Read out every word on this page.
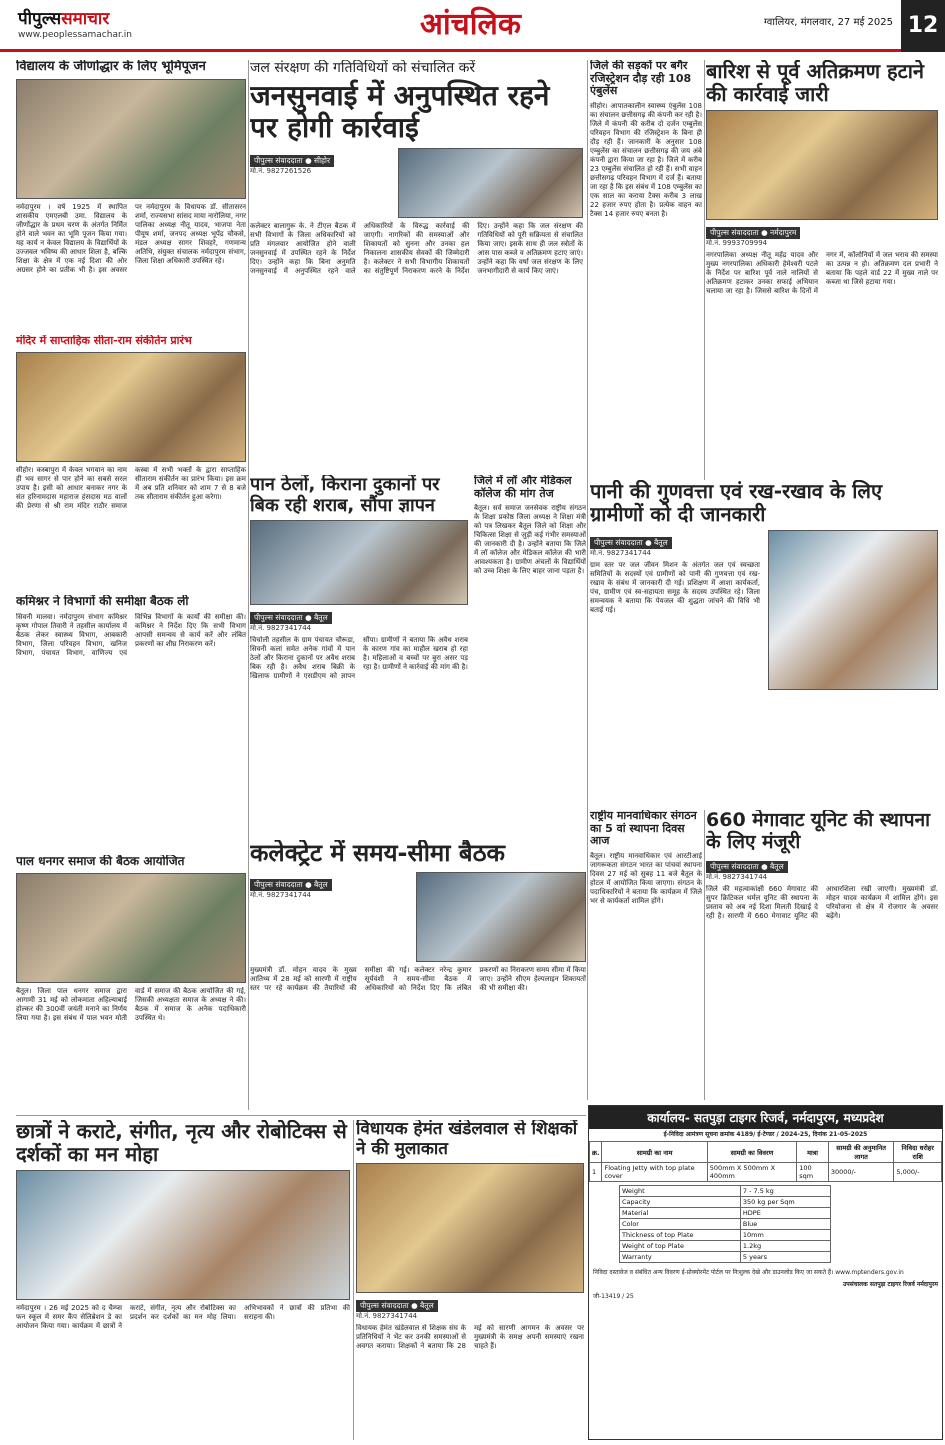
पीपुल्ससमाचार
www.peoplessamachar.in	आंचलिक	ग्वालियर, मंगलवार, 27 मई 2025 12
विद्यालय के जीर्णोद्धार के लिए भूमिपूजन
नर्मदापुरम । वर्ष 1925 में स्थापित शासकीय एमएलबी उमा. विद्यालय के जीर्णोद्धार के प्रथम चरण के अंतर्गत निर्मित होने वाले भवन का भूमि पूजन किया गया। यह कार्य न केवल विद्यालय के विद्यार्थियों के उज्जवल भविष्य की आधार शिला है, बल्कि शिक्षा के क्षेत्र में एक नई दिशा की ओर अग्रसर होने का प्रतीक भी है। इस अवसर पर नर्मदापुरम के विधायक डॉ. सीतासरन शर्मा, राज्यसभा सांसद माया नारोलिया, नगर पालिका अध्यक्ष नीतू यादव, भाजपा नेता पीयूष शर्मा, जनपद अध्यक्ष भूपेंद्र चौकसे, मंडल अध्यक्ष सागर शिवहरे, गणमान्य अतिथि, संयुक्त संचालक नर्मदापुरम संभाग, जिला शिक्षा अधिकारी उपस्थित रहे।
जल संरक्षण की गतिविधियों को संचालित करें
जनसुनवाई में अनुपस्थित रहने पर होगी कार्रवाई
पीपुल्स संवाददाता ● सीहोर
मो.नं. 9827261526
कलेक्टर बालागुरू के. ने टीएल बैठक में सभी विभागों के जिला अधिकारियों को प्रति मंगलवार आयोजित होने वाली जनसुनवाई में उपस्थित रहने के निर्देश दिए। उन्होंने कहा कि बिना अनुमति जनसुनवाई में अनुपस्थित रहने वाले अधिकारियों के विरुद्ध कार्रवाई की जाएगी। नागरिकों की समस्याओं और शिकायतों को सुनना और उनका हल निकालना शासकीय सेवकों की जिम्मेदारी है। कलेक्टर ने सभी विभागीय शिकायतों का संतुष्टिपूर्ण निराकरण करने के निर्देश दिए। उन्होंने कहा कि जल संरक्षण की गतिविधियों को पूरी सक्रियता से संचालित किया जाए। इसके साथ ही जल स्त्रोतों के आस पास कब्जे व अतिक्रमण हटाए जाएं। उन्होंने कहा कि वर्षा जल संरक्षण के लिए जनभागीदारी से कार्य किए जाएं।
जिले की सड़कों पर बगैर रजिस्ट्रेशन दौड़ रही 108 एंबुलेंस
सीहोर। आपातकालीन स्वास्थ्य एंबुलेंस 108 का संचालन छत्तीसगढ़ की कंपनी कर रही है। जिले में कंपनी की करीब दो दर्जन एम्बुलेंस परिवहन विभाग की रजिस्ट्रेशन के बिना ही दौड़ रही हैं। जानकारी के अनुसार 108 एम्बुलेंस का संचालन छत्तीसगढ़ की जय अंबे कंपनी द्वारा किया जा रहा है। जिले में करीब 23 एम्बुलेंस संचालित हो रही हैं। सभी वाहन छत्तीसगढ़ परिवहन विभाग में दर्ज हैं। बताया जा रहा है कि इस संबंध में 108 एम्बुलेंस का एक साल का कराया टैक्स करीब 3 लाख 22 हजार रुपए होता है। प्रत्येक वाहन का टैक्स 14 हजार रुपए बनता है।
बारिश से पूर्व अतिक्रमण हटाने की कार्रवाई जारी
पीपुल्स संवाददाता ● नर्मदापुरम
मो.नं. 9993709994
नगरपालिका अध्यक्ष नीतू महेंद्र यादव और मुख्य नगरपालिका अधिकारी हेमेश्वरी पटले के निर्देश पर बारिश पूर्व नाले नालियों से अतिक्रमण हटाकर उनका सफाई अभियान चलाया जा रहा है। जिससे बारिश के दिनों में नगर में, कॉलोनियों में जल भराव की समस्या का उत्पन्न न हो। अतिक्रमण दल प्रभारी ने बताया कि पहले वार्ड 22 में मुख्य नाले पर कब्जा था जिसे हटाया गया।
मंदिर में साप्ताहिक सीता-राम संकीर्तन प्रारंभ
सीहोर। कस्बापुरा में केवल भगवान का नाम ही भव सागर से पार होने का सबसे सरल उपाय है। इसी को आधार बनाकर नगर के संत हरिनामदास महाराज हंसदास मठ वालों की प्रेरणा से श्री राम मंदिर राठौर समाज कस्बा में सभी भक्तों के द्वारा साप्ताहिक सीताराम संकीर्तन का प्रारंभ किया। इस क्रम में अब प्रति शनिवार को शाम 7 से 8 बजे तक सीताराम संकीर्तन हुआ करेगा।
पान ठेलों, किराना दुकानों पर बिक रही शराब, सौंपा ज्ञापन
पीपुल्स संवाददाता ● बैतूल
मो.नं. 9827341744
चिचोली तहसील के ग्राम पंचायत चौरूडा, सिवनी कलां समेत अनेक गांवों में पान ठेलों और किराना दुकानों पर अवैध शराब बिक रही है। अवैध शराब बिक्री के खिलाफ ग्रामीणों ने एसडीएम को ज्ञापन सौंपा। ग्रामीणों ने बताया कि अवैध शराब के कारण गांव का माहौल खराब हो रहा है। महिलाओं व बच्चों पर बुरा असर पड़ रहा है। ग्रामीणों ने कार्रवाई की मांग की है।
जिले में लॉ और मेडिकल कॉलेज की मांग तेज
बैतूल। सर्व समाज जनसेवक राष्ट्रीय संगठन के शिक्षा प्रकोष्ठ जिला अध्यक्ष ने शिक्षा मंत्री को पत्र लिखकर बैतूल जिले को शिक्षा और चिकित्सा शिक्षा से जुड़ी कई गंभीर समस्याओं की जानकारी दी है। उन्होंने बताया कि जिले में लॉ कॉलेज और मेडिकल कॉलेज की भारी आवश्यकता है। ग्रामीण अंचलों के विद्यार्थियों को उच्च शिक्षा के लिए बाहर जाना पड़ता है।
पानी की गुणवत्ता एवं रख-रखाव के लिए ग्रामीणों को दी जानकारी
पीपुल्स संवाददाता ● बैतूल
मो.नं. 9827341744
ग्राम स्तर पर जल जीवन मिशन के अंतर्गत जल एवं स्वच्छता समितियों के सदस्यों एवं ग्रामीणों को पानी की गुणवत्ता एवं रख-रखाव के संबंध में जानकारी दी गई। प्रशिक्षण में आशा कार्यकर्ता, पंच, ग्रामीण एवं स्व-सहायता समूह के सदस्य उपस्थित रहे। जिला समन्वयक ने बताया कि पेयजल की शुद्धता जांचने की विधि भी बताई गई।
कमिश्नर ने विभागों की समीक्षा बैठक ली
सिवनी मालवा। नर्मदापुरम संभाग कमिश्नर कृष्ण गोपाल तिवारी ने तहसील कार्यालय में बैठक लेकर स्वास्थ्य विभाग, आबकारी विभाग, जिला परिवहन विभाग, खनिज विभाग, पंचायत विभाग, वाणिज्य एवं विभिन्न विभागों के कार्यों की समीक्षा की। कमिश्नर ने निर्देश दिए कि सभी विभाग आपसी समन्वय से कार्य करें और लंबित प्रकरणों का शीघ्र निराकरण करें।
कलेक्ट्रेट में समय-सीमा बैठक
पीपुल्स संवाददाता ● बैतूल
मो.नं. 9827341744
मुख्यमंत्री डॉ. मोहन यादव के मुख्य आतिथ्य में 28 मई को सारणी में राष्ट्रीय स्तर पर रहे कार्यक्रम की तैयारियों की समीक्षा की गई। कलेक्टर नरेन्द्र कुमार सूर्यवंशी ने समय-सीमा बैठक में अधिकारियों को निर्देश दिए कि लंबित प्रकरणों का निराकरण समय सीमा में किया जाए। उन्होंने सीएम हेल्पलाइन शिकायतों की भी समीक्षा की।
राष्ट्रीय मानवाधिकार संगठन का 5 वां स्थापना दिवस आज
बैतूल। राष्ट्रीय मानवाधिकार एवं आरटीआई जागरूकता संगठन भारत का पांचवां स्थापना दिवस 27 मई को सुबह 11 बजे बैतूल के होटल में आयोजित किया जाएगा। संगठन के पदाधिकारियों ने बताया कि कार्यक्रम में जिले भर से कार्यकर्ता शामिल होंगे।
660 मेगावाट यूनिट की स्थापना के लिए मंजूरी
पीपुल्स संवाददाता ● बैतूल
मो.नं. 9827341744
जिले की महत्वाकांक्षी 660 मेगावाट की सुपर क्रिटिकल थर्मल यूनिट की स्थापना के प्रस्ताव को अब नई दिशा मिलती दिखाई दे रही है। सारणी में 660 मेगावाट यूनिट की आधारशिला रखी जाएगी। मुख्यमंत्री डॉ. मोहन यादव कार्यक्रम में शामिल होंगे। इस परियोजना से क्षेत्र में रोजगार के अवसर बढ़ेंगे।
पाल धनगर समाज की बैठक आयोजित
बैतूल। जिला पाल धनगर समाज द्वारा आगामी 31 मई को लोकमाता अहिल्याबाई होल्कर की 300वीं जयंती मनाने का निर्णय लिया गया है। इस संबंध में पाल भवन मोती वार्ड में समाज की बैठक आयोजित की गई, जिसकी अध्यक्षता समाज के अध्यक्ष ने की। बैठक में समाज के अनेक पदाधिकारी उपस्थित थे।
छात्रों ने कराटे, संगीत, नृत्य और रोबोटिक्स से दर्शकों का मन मोहा
नर्मदापुरम । 26 मई 2025 को द चैम्प्स फन स्कूल में समर कैंप सेलिब्रेशन डे का आयोजन किया गया। कार्यक्रम में छात्रों ने कराटे, संगीत, नृत्य और रोबोटिक्स का प्रदर्शन कर दर्शकों का मन मोह लिया। अभिभावकों ने छात्रों की प्रतिभा की सराहना की।
विधायक हेमंत खंडेलवाल से शिक्षकों ने की मुलाकात
पीपुल्स संवाददाता ● बैतूल
मो.नं. 9827341744
विधायक हेमंत खंडेलवाल से शिक्षक संघ के प्रतिनिधियों ने भेंट कर उनकी समस्याओं से अवगत कराया। शिक्षकों ने बताया कि 28 मई को सारणी आगमन के अवसर पर मुख्यमंत्री के समक्ष अपनी समस्याएं रखना चाहते हैं।
कार्यालय- सतपुड़ा टाइगर रिजर्व, नर्मदापुरम, मध्यप्रदेश
ई-निविदा आमंत्रण सूचना क्रमांक 4189/ ई-टेण्डर / 2024-25, दिनांक 21-05-2025
क्र.	सामग्री का नाम	सामग्री का विवरण	मात्रा	सामग्री की अनुमानित लागत	निविदा धरोहर राशि
1	Floating Jetty with top plate cover	500mm X 500mm X 400mm	100 sqm	30000/-	5,000/-
Weight	7 - 7.5 kg
Capacity	350 kg per Sqm
Material	HDPE
Color	Blue
Thickness of top Plate	10mm
Weight of top Plate	1.2kg
Warranty	5 years
निविदा दस्तावेज व संबंधित अन्य विवरण ई-प्रोक्योरमेंट पोर्टल पर निःशुल्क देखे और डाउनलोड किए जा सकते हैं। www.mptenders.gov.in
उपसंचालक सतपुड़ा टाइगर रिजर्व नर्मदापुरम
जी-13419 / 25
